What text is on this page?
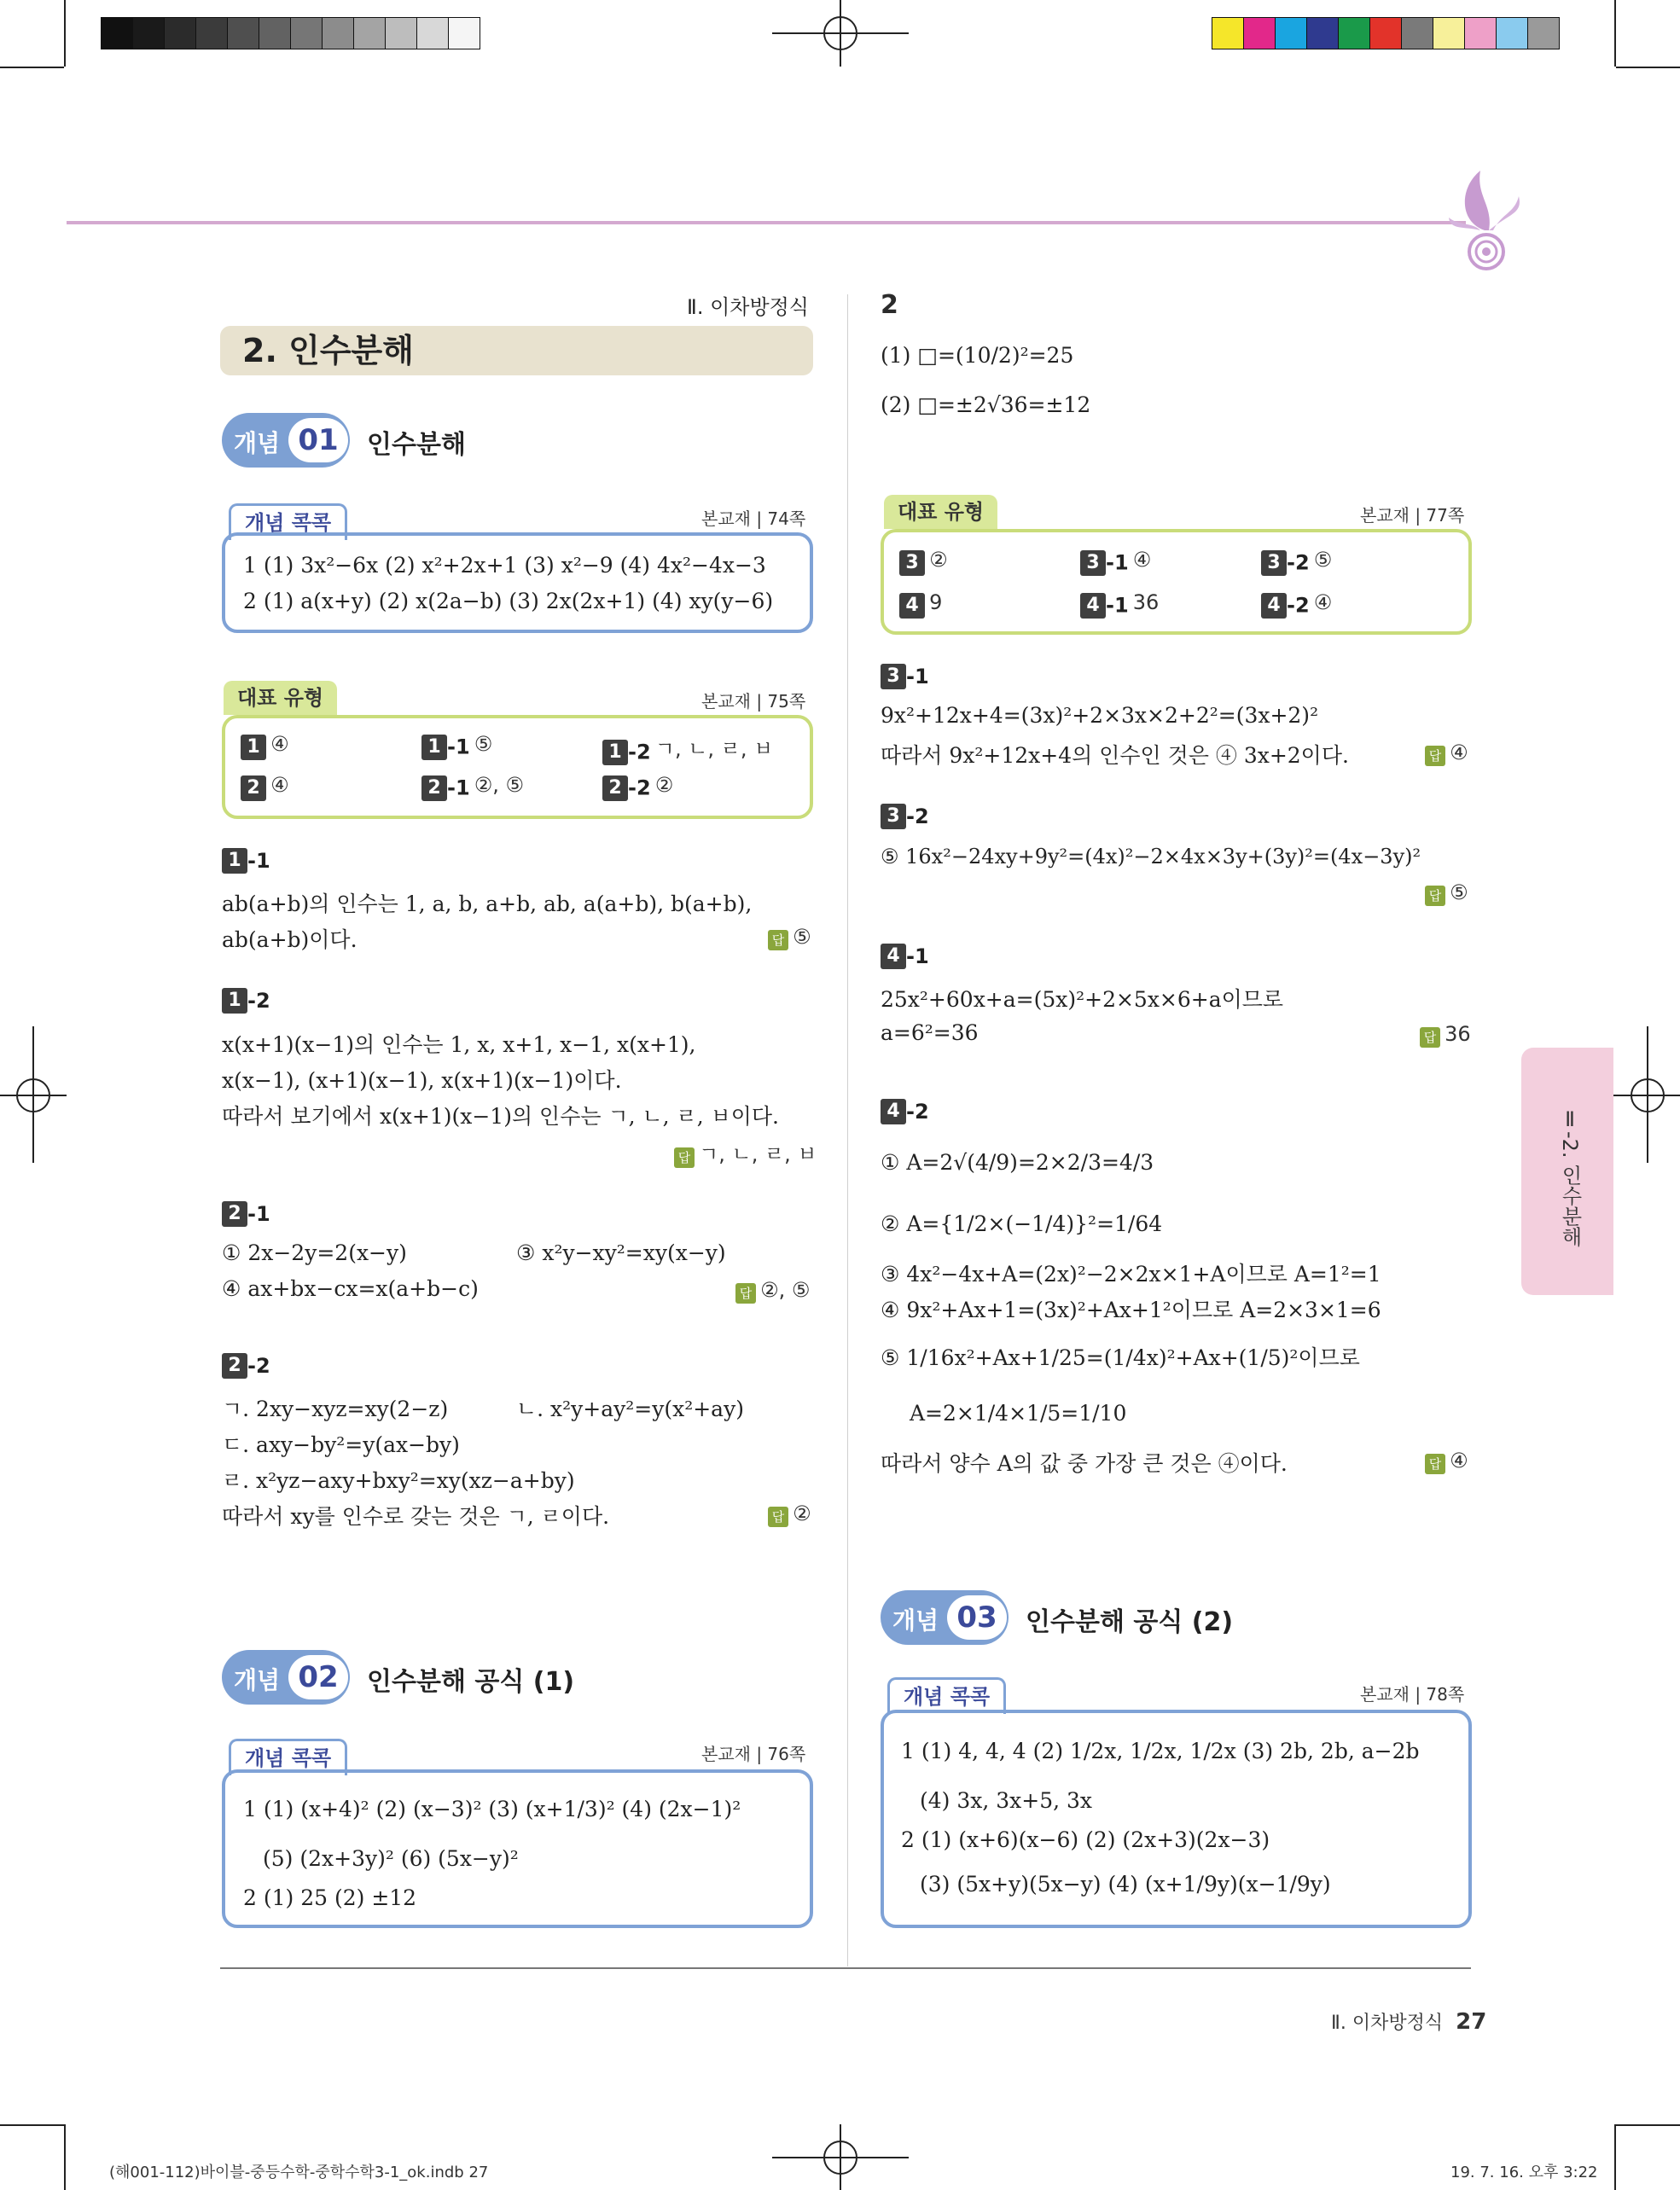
Ⅱ. 이차방정식
2. 인수분해
개념 01	인수분해
개념 콕콕	본교재 | 74쪽
1 (1) 3x²−6x (2) x²+2x+1 (3) x²−9 (4) 4x²−4x−3
2 (1) a(x+y) (2) x(2a−b) (3) 2x(2x+1) (4) xy(y−6)
대표 유형	본교재 | 75쪽
1 ④	1 -1 ⑤	1 -2 ㄱ, ㄴ, ㄹ, ㅂ
2 ④	2 -1 ②, ⑤	2 -2 ②
1 -1
ab(a+b)의 인수는 1, a, b, a+b, ab, a(a+b), b(a+b),
ab(a+b)이다.	답 ⑤
1 -2
x(x+1)(x−1)의 인수는 1, x, x+1, x−1, x(x+1),
x(x−1), (x+1)(x−1), x(x+1)(x−1)이다.
따라서 보기에서 x(x+1)(x−1)의 인수는 ㄱ, ㄴ, ㄹ, ㅂ이다.
답 ㄱ, ㄴ, ㄹ, ㅂ
2 -1
① 2x−2y=2(x−y)	③ x²y−xy²=xy(x−y)
④ ax+bx−cx=x(a+b−c)	답 ②, ⑤
2 -2
ㄱ. 2xy−xyz=xy(2−z)	ㄴ. x²y+ay²=y(x²+ay)
ㄷ. axy−by²=y(ax−by)
ㄹ. x²yz−axy+bxy²=xy(xz−a+by)
따라서 xy를 인수로 갖는 것은 ㄱ, ㄹ이다.	답 ②
개념 02	인수분해 공식 (1)
개념 콕콕	본교재 | 76쪽
1 (1) (x+4)² (2) (x−3)² (3) (x+1/3)² (4) (2x−1)²
(5) (2x+3y)² (6) (5x−y)²
2 (1) 25 (2) ±12
2
(1) □=(10/2)²=25
(2) □=±2√36=±12
대표 유형	본교재 | 77쪽
3 ②	3 -1 ④	3 -2 ⑤
4 9	4 -1 36	4 -2 ④
3 -1
9x²+12x+4=(3x)²+2×3x×2+2²=(3x+2)²
따라서 9x²+12x+4의 인수인 것은 ④ 3x+2이다.	답 ④
3 -2
⑤ 16x²−24xy+9y²=(4x)²−2×4x×3y+(3y)²=(4x−3y)²
답 ⑤
4 -1
25x²+60x+a=(5x)²+2×5x×6+a이므로
a=6²=36	답 36
4 -2
① A=2√(4/9)=2×2/3=4/3
② A={1/2×(−1/4)}²=1/64
③ 4x²−4x+A=(2x)²−2×2x×1+A이므로 A=1²=1
④ 9x²+Ax+1=(3x)²+Ax+1²이므로 A=2×3×1=6
⑤ 1/16x²+Ax+1/25=(1/4x)²+Ax+(1/5)²이므로
A=2×1/4×1/5=1/10
따라서 양수 A의 값 중 가장 큰 것은 ④이다.	답 ④
개념 03	인수분해 공식 (2)
개념 콕콕	본교재 | 78쪽
1 (1) 4, 4, 4 (2) 1/2x, 1/2x, 1/2x (3) 2b, 2b, a−2b
(4) 3x, 3x+5, 3x
2 (1) (x+6)(x−6) (2) (2x+3)(2x−3)
(3) (5x+y)(5x−y) (4) (x+1/9y)(x−1/9y)
Ⅱ-2. 인수분해
Ⅱ. 이차방정식 27
(해001-112)바이블-중등수학-중학수학3-1_ok.indb 27	19. 7. 16. 오후 3:22
